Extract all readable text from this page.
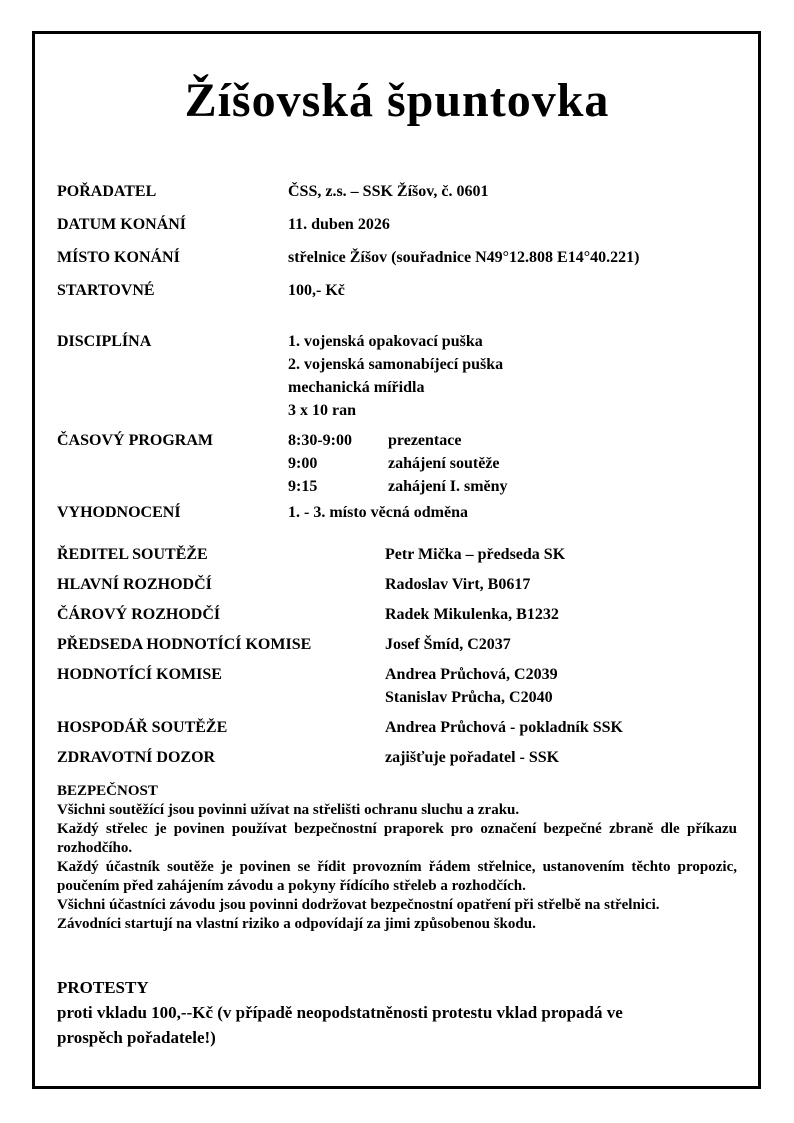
Žíšovská špuntovka
POŘADATEL	ČSS, z.s. – SSK Žíšov, č. 0601
DATUM KONÁNÍ	11. duben 2026
MÍSTO KONÁNÍ	střelnice Žíšov (souřadnice N49°12.808 E14°40.221)
STARTOVNÉ	100,- Kč
DISCIPLÍNA	1. vojenská opakovací puška
2. vojenská samonabíjecí puška
mechanická mířidla
3 x 10 ran
ČASOVÝ PROGRAM	8:30-9:00	prezentace
9:00	zahájení soutěže
9:15	zahájení I. směny
VYHODNOCENÍ	1. - 3. místo věcná odměna
ŘEDITEL SOUTĚŽE	Petr Mička – předseda SK
HLAVNÍ ROZHODČÍ	Radoslav Virt, B0617
ČÁROVÝ ROZHODČÍ	Radek Mikulenka, B1232
PŘEDSEDA HODNOTÍCÍ KOMISE	Josef Šmíd, C2037
HODNOTÍCÍ KOMISE	Andrea Průchová, C2039
Stanislav Průcha, C2040
HOSPODÁŘ SOUTĚŽE	Andrea Průchová - pokladník SSK
ZDRAVOTNÍ DOZOR	zajišťuje pořadatel - SSK
BEZPEČNOST

Všichni soutěžící jsou povinni užívat na střelišti ochranu sluchu a zraku.

Každý střelec je povinen používat bezpečnostní praporek pro označení bezpečné zbraně dle příkazu rozhodčího.

Každý účastník soutěže je povinen se řídit provozním řádem střelnice, ustanovením těchto propozic, poučením před zahájením závodu a pokyny řídícího střeleb a rozhodčích.

Všichni účastníci závodu jsou povinni dodržovat bezpečnostní opatření při střelbě na střelnici.

Závodníci startují na vlastní riziko a odpovídají za jimi způsobenou škodu.

PROTESTY
proti vkladu 100,--Kč (v případě neopodstatněnosti protestu vklad propadá ve
prospěch pořadatele!)
